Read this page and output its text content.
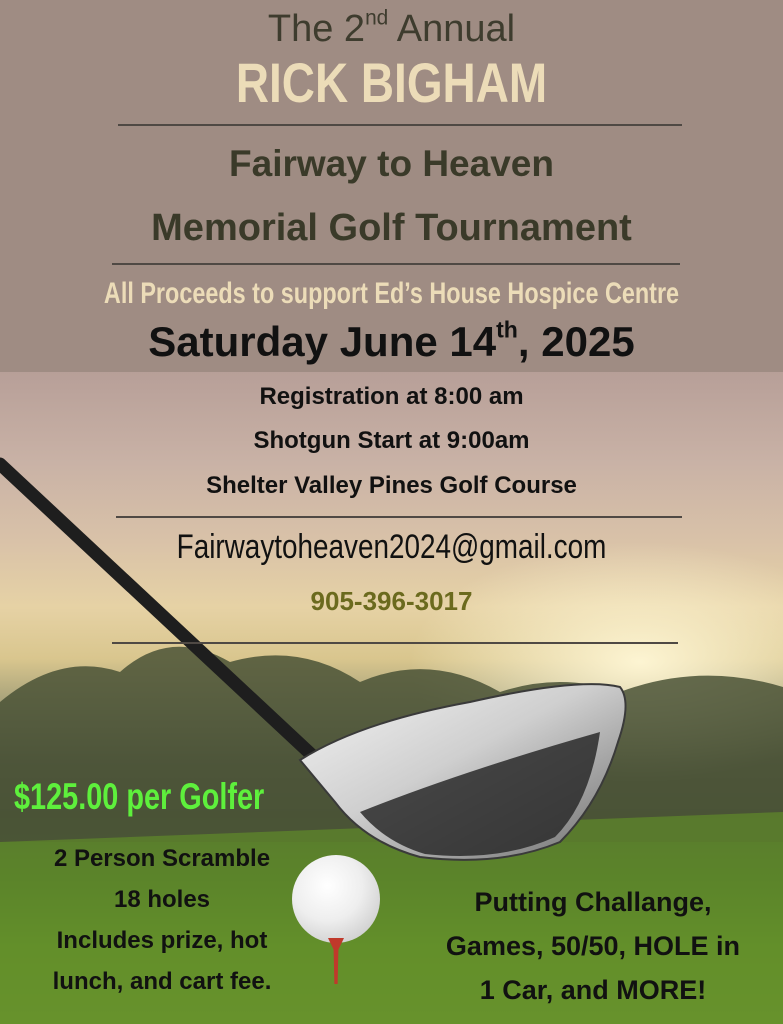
The 2nd Annual
RICK BIGHAM
Fairway to Heaven
Memorial Golf Tournament
All Proceeds to support Ed’s House Hospice Centre
Saturday June 14th, 2025
Registration at 8:00 am
Shotgun Start at 9:00am
Shelter Valley Pines Golf Course
Fairwaytoheaven2024@gmail.com
905-396-3017
$125.00 per Golfer
2 Person Scramble
18 holes
Includes prize, hot
lunch, and cart fee.
Putting Challange,
Games, 50/50, HOLE in
1 Car, and MORE!
